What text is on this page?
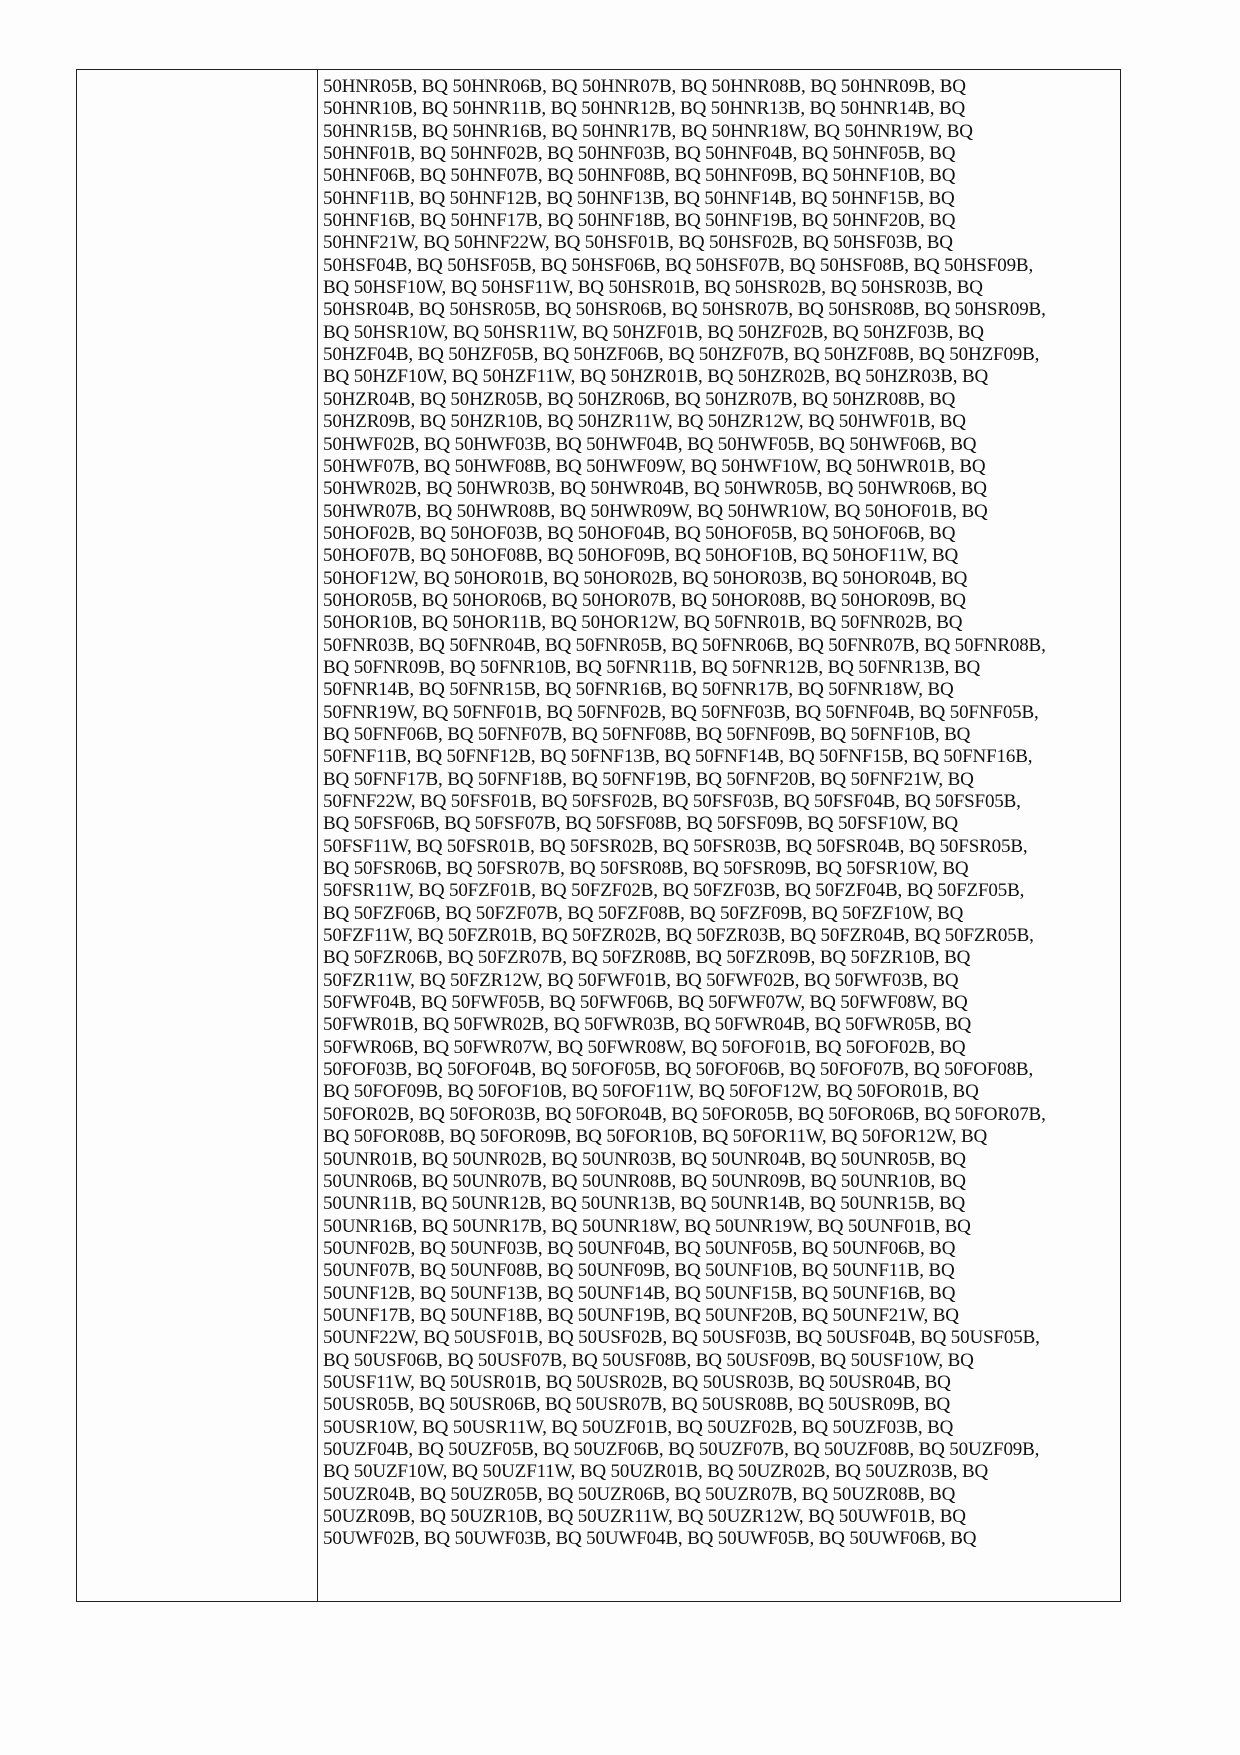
50HNR05B, BQ 50HNR06B, BQ 50HNR07B, BQ 50HNR08B, BQ 50HNR09B, BQ
50HNR10B, BQ 50HNR11B, BQ 50HNR12B, BQ 50HNR13B, BQ 50HNR14B, BQ
50HNR15B, BQ 50HNR16B, BQ 50HNR17B, BQ 50HNR18W, BQ 50HNR19W, BQ
50HNF01B, BQ 50HNF02B, BQ 50HNF03B, BQ 50HNF04B, BQ 50HNF05B, BQ
50HNF06B, BQ 50HNF07B, BQ 50HNF08B, BQ 50HNF09B, BQ 50HNF10B, BQ
50HNF11B, BQ 50HNF12B, BQ 50HNF13B, BQ 50HNF14B, BQ 50HNF15B, BQ
50HNF16B, BQ 50HNF17B, BQ 50HNF18B, BQ 50HNF19B, BQ 50HNF20B, BQ
50HNF21W, BQ 50HNF22W, BQ 50HSF01B, BQ 50HSF02B, BQ 50HSF03B, BQ
50HSF04B, BQ 50HSF05B, BQ 50HSF06B, BQ 50HSF07B, BQ 50HSF08B, BQ 50HSF09B,
BQ 50HSF10W, BQ 50HSF11W, BQ 50HSR01B, BQ 50HSR02B, BQ 50HSR03B, BQ
50HSR04B, BQ 50HSR05B, BQ 50HSR06B, BQ 50HSR07B, BQ 50HSR08B, BQ 50HSR09B,
BQ 50HSR10W, BQ 50HSR11W, BQ 50HZF01B, BQ 50HZF02B, BQ 50HZF03B, BQ
50HZF04B, BQ 50HZF05B, BQ 50HZF06B, BQ 50HZF07B, BQ 50HZF08B, BQ 50HZF09B,
BQ 50HZF10W, BQ 50HZF11W, BQ 50HZR01B, BQ 50HZR02B, BQ 50HZR03B, BQ
50HZR04B, BQ 50HZR05B, BQ 50HZR06B, BQ 50HZR07B, BQ 50HZR08B, BQ
50HZR09B, BQ 50HZR10B, BQ 50HZR11W, BQ 50HZR12W, BQ 50HWF01B, BQ
50HWF02B, BQ 50HWF03B, BQ 50HWF04B, BQ 50HWF05B, BQ 50HWF06B, BQ
50HWF07B, BQ 50HWF08B, BQ 50HWF09W, BQ 50HWF10W, BQ 50HWR01B, BQ
50HWR02B, BQ 50HWR03B, BQ 50HWR04B, BQ 50HWR05B, BQ 50HWR06B, BQ
50HWR07B, BQ 50HWR08B, BQ 50HWR09W, BQ 50HWR10W, BQ 50HOF01B, BQ
50HOF02B, BQ 50HOF03B, BQ 50HOF04B, BQ 50HOF05B, BQ 50HOF06B, BQ
50HOF07B, BQ 50HOF08B, BQ 50HOF09B, BQ 50HOF10B, BQ 50HOF11W, BQ
50HOF12W, BQ 50HOR01B, BQ 50HOR02B, BQ 50HOR03B, BQ 50HOR04B, BQ
50HOR05B, BQ 50HOR06B, BQ 50HOR07B, BQ 50HOR08B, BQ 50HOR09B, BQ
50HOR10B, BQ 50HOR11B, BQ 50HOR12W, BQ 50FNR01B, BQ 50FNR02B, BQ
50FNR03B, BQ 50FNR04B, BQ 50FNR05B, BQ 50FNR06B, BQ 50FNR07B, BQ 50FNR08B,
BQ 50FNR09B, BQ 50FNR10B, BQ 50FNR11B, BQ 50FNR12B, BQ 50FNR13B, BQ
50FNR14B, BQ 50FNR15B, BQ 50FNR16B, BQ 50FNR17B, BQ 50FNR18W, BQ
50FNR19W, BQ 50FNF01B, BQ 50FNF02B, BQ 50FNF03B, BQ 50FNF04B, BQ 50FNF05B,
BQ 50FNF06B, BQ 50FNF07B, BQ 50FNF08B, BQ 50FNF09B, BQ 50FNF10B, BQ
50FNF11B, BQ 50FNF12B, BQ 50FNF13B, BQ 50FNF14B, BQ 50FNF15B, BQ 50FNF16B,
BQ 50FNF17B, BQ 50FNF18B, BQ 50FNF19B, BQ 50FNF20B, BQ 50FNF21W, BQ
50FNF22W, BQ 50FSF01B, BQ 50FSF02B, BQ 50FSF03B, BQ 50FSF04B, BQ 50FSF05B,
BQ 50FSF06B, BQ 50FSF07B, BQ 50FSF08B, BQ 50FSF09B, BQ 50FSF10W, BQ
50FSF11W, BQ 50FSR01B, BQ 50FSR02B, BQ 50FSR03B, BQ 50FSR04B, BQ 50FSR05B,
BQ 50FSR06B, BQ 50FSR07B, BQ 50FSR08B, BQ 50FSR09B, BQ 50FSR10W, BQ
50FSR11W, BQ 50FZF01B, BQ 50FZF02B, BQ 50FZF03B, BQ 50FZF04B, BQ 50FZF05B,
BQ 50FZF06B, BQ 50FZF07B, BQ 50FZF08B, BQ 50FZF09B, BQ 50FZF10W, BQ
50FZF11W, BQ 50FZR01B, BQ 50FZR02B, BQ 50FZR03B, BQ 50FZR04B, BQ 50FZR05B,
BQ 50FZR06B, BQ 50FZR07B, BQ 50FZR08B, BQ 50FZR09B, BQ 50FZR10B, BQ
50FZR11W, BQ 50FZR12W, BQ 50FWF01B, BQ 50FWF02B, BQ 50FWF03B, BQ
50FWF04B, BQ 50FWF05B, BQ 50FWF06B, BQ 50FWF07W, BQ 50FWF08W, BQ
50FWR01B, BQ 50FWR02B, BQ 50FWR03B, BQ 50FWR04B, BQ 50FWR05B, BQ
50FWR06B, BQ 50FWR07W, BQ 50FWR08W, BQ 50FOF01B, BQ 50FOF02B, BQ
50FOF03B, BQ 50FOF04B, BQ 50FOF05B, BQ 50FOF06B, BQ 50FOF07B, BQ 50FOF08B,
BQ 50FOF09B, BQ 50FOF10B, BQ 50FOF11W, BQ 50FOF12W, BQ 50FOR01B, BQ
50FOR02B, BQ 50FOR03B, BQ 50FOR04B, BQ 50FOR05B, BQ 50FOR06B, BQ 50FOR07B,
BQ 50FOR08B, BQ 50FOR09B, BQ 50FOR10B, BQ 50FOR11W, BQ 50FOR12W, BQ
50UNR01B, BQ 50UNR02B, BQ 50UNR03B, BQ 50UNR04B, BQ 50UNR05B, BQ
50UNR06B, BQ 50UNR07B, BQ 50UNR08B, BQ 50UNR09B, BQ 50UNR10B, BQ
50UNR11B, BQ 50UNR12B, BQ 50UNR13B, BQ 50UNR14B, BQ 50UNR15B, BQ
50UNR16B, BQ 50UNR17B, BQ 50UNR18W, BQ 50UNR19W, BQ 50UNF01B, BQ
50UNF02B, BQ 50UNF03B, BQ 50UNF04B, BQ 50UNF05B, BQ 50UNF06B, BQ
50UNF07B, BQ 50UNF08B, BQ 50UNF09B, BQ 50UNF10B, BQ 50UNF11B, BQ
50UNF12B, BQ 50UNF13B, BQ 50UNF14B, BQ 50UNF15B, BQ 50UNF16B, BQ
50UNF17B, BQ 50UNF18B, BQ 50UNF19B, BQ 50UNF20B, BQ 50UNF21W, BQ
50UNF22W, BQ 50USF01B, BQ 50USF02B, BQ 50USF03B, BQ 50USF04B, BQ 50USF05B,
BQ 50USF06B, BQ 50USF07B, BQ 50USF08B, BQ 50USF09B, BQ 50USF10W, BQ
50USF11W, BQ 50USR01B, BQ 50USR02B, BQ 50USR03B, BQ 50USR04B, BQ
50USR05B, BQ 50USR06B, BQ 50USR07B, BQ 50USR08B, BQ 50USR09B, BQ
50USR10W, BQ 50USR11W, BQ 50UZF01B, BQ 50UZF02B, BQ 50UZF03B, BQ
50UZF04B, BQ 50UZF05B, BQ 50UZF06B, BQ 50UZF07B, BQ 50UZF08B, BQ 50UZF09B,
BQ 50UZF10W, BQ 50UZF11W, BQ 50UZR01B, BQ 50UZR02B, BQ 50UZR03B, BQ
50UZR04B, BQ 50UZR05B, BQ 50UZR06B, BQ 50UZR07B, BQ 50UZR08B, BQ
50UZR09B, BQ 50UZR10B, BQ 50UZR11W, BQ 50UZR12W, BQ 50UWF01B, BQ
50UWF02B, BQ 50UWF03B, BQ 50UWF04B, BQ 50UWF05B, BQ 50UWF06B, BQ
